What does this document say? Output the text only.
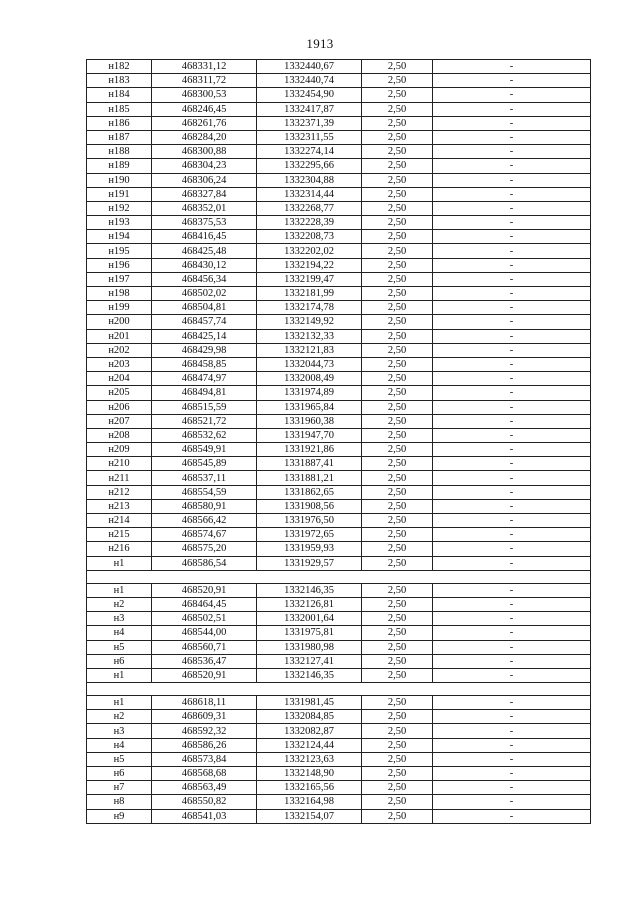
1913
н182	468331,12	1332440,67	2,50	-
н183	468311,72	1332440,74	2,50	-
н184	468300,53	1332454,90	2,50	-
н185	468246,45	1332417,87	2,50	-
н186	468261,76	1332371,39	2,50	-
н187	468284,20	1332311,55	2,50	-
н188	468300,88	1332274,14	2,50	-
н189	468304,23	1332295,66	2,50	-
н190	468306,24	1332304,88	2,50	-
н191	468327,84	1332314,44	2,50	-
н192	468352,01	1332268,77	2,50	-
н193	468375,53	1332228,39	2,50	-
н194	468416,45	1332208,73	2,50	-
н195	468425,48	1332202,02	2,50	-
н196	468430,12	1332194,22	2,50	-
н197	468456,34	1332199,47	2,50	-
н198	468502,02	1332181,99	2,50	-
н199	468504,81	1332174,78	2,50	-
н200	468457,74	1332149,92	2,50	-
н201	468425,14	1332132,33	2,50	-
н202	468429,98	1332121,83	2,50	-
н203	468458,85	1332044,73	2,50	-
н204	468474,97	1332008,49	2,50	-
н205	468494,81	1331974,89	2,50	-
н206	468515,59	1331965,84	2,50	-
н207	468521,72	1331960,38	2,50	-
н208	468532,62	1331947,70	2,50	-
н209	468549,91	1331921,86	2,50	-
н210	468545,89	1331887,41	2,50	-
н211	468537,11	1331881,21	2,50	-
н212	468554,59	1331862,65	2,50	-
н213	468580,91	1331908,56	2,50	-
н214	468566,42	1331976,50	2,50	-
н215	468574,67	1331972,65	2,50	-
н216	468575,20	1331959,93	2,50	-
н1	468586,54	1331929,57	2,50	-

н1	468520,91	1332146,35	2,50	-
н2	468464,45	1332126,81	2,50	-
н3	468502,51	1332001,64	2,50	-
н4	468544,00	1331975,81	2,50	-
н5	468560,71	1331980,98	2,50	-
н6	468536,47	1332127,41	2,50	-
н1	468520,91	1332146,35	2,50	-

н1	468618,11	1331981,45	2,50	-
н2	468609,31	1332084,85	2,50	-
н3	468592,32	1332082,87	2,50	-
н4	468586,26	1332124,44	2,50	-
н5	468573,84	1332123,63	2,50	-
н6	468568,68	1332148,90	2,50	-
н7	468563,49	1332165,56	2,50	-
н8	468550,82	1332164,98	2,50	-
н9	468541,03	1332154,07	2,50	-
